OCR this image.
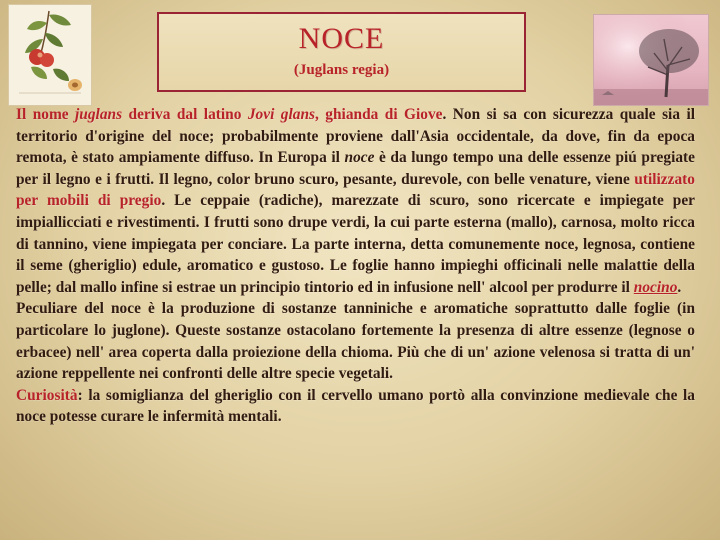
NOCE
(Juglans regia)

Il nome juglans deriva dal latino Jovi glans, ghianda di Giove. Non si sa con sicurezza quale sia il territorio d'origine del noce; probabilmente proviene dall'Asia occidentale, da dove, fin da epoca remota, è stato ampiamente diffuso. In Europa il noce è da lungo tempo una delle essenze piú pregiate per il legno e i frutti. Il legno, color bruno scuro, pesante, durevole, con belle venature, viene utilizzato per mobili di pregio. Le ceppaie (radiche), marezzate di scuro, sono ricercate e impiegate per impiallicciati e rivestimenti. I frutti sono drupe verdi, la cui parte esterna (mallo), carnosa, molto ricca di tannino, viene impiegata per conciare. La parte interna, detta comunemente noce, legnosa, contiene il seme (gheriglio) edule, aromatico e gustoso. Le foglie hanno impieghi officinali nelle malattie della pelle; dal mallo infine si estrae un principio tintorio ed in infusione nell' alcool per produrre il nocino.

Peculiare del noce è la produzione di sostanze tanniniche e aromatiche soprattutto dalle foglie (in particolare lo juglone). Queste sostanze ostacolano fortemente la presenza di altre essenze (legnose o erbacee) nell' area coperta dalla proiezione della chioma. Più che di un' azione velenosa si tratta di un' azione reppellente nei confronti delle altre specie vegetali.

Curiosità: la somiglianza del gheriglio con il cervello umano portò alla convinzione medievale che la noce potesse curare le infermità mentali.
